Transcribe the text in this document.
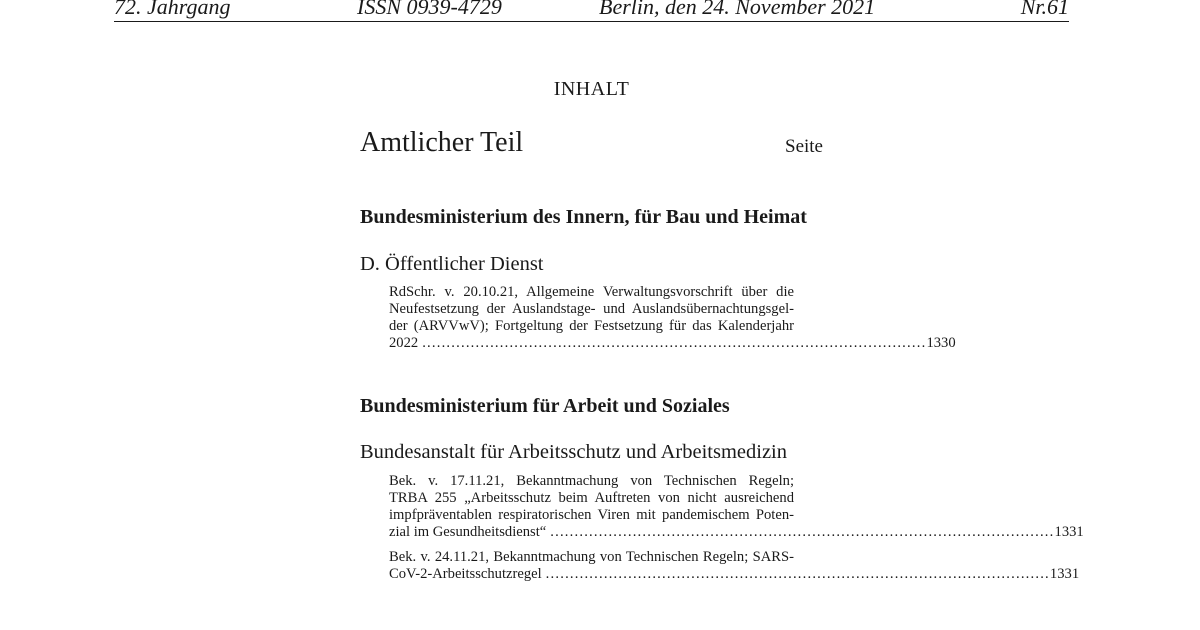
72. Jahrgang	ISSN 0939-4729	Berlin, den 24. November 2021	Nr.61
INHALT
Amtlicher Teil	Seite
Bundesministerium des Innern, für Bau und Heimat
D. Öffentlicher Dienst
RdSchr. v. 20.10.21, Allgemeine Verwaltungsvorschrift über die
Neufestsetzung der Auslandstage- und Auslandsübernachtungsgel-
der (ARVVwV); Fortgeltung der Festsetzung für das Kalenderjahr
2022 ........................................................................................................ 1330
Bundesministerium für Arbeit und Soziales
Bundesanstalt für Arbeitsschutz und Arbeitsmedizin
Bek. v. 17.11.21, Bekanntmachung von Technischen Regeln;
TRBA 255 „Arbeitsschutz beim Auftreten von nicht ausreichend
impfpräventablen respiratorischen Viren mit pandemischem Poten-
zial im Gesundheitsdienst“ ........................................................................................................ 1331
Bek. v. 24.11.21, Bekanntmachung von Technischen Regeln; SARS-
CoV-2-Arbeitsschutzregel ........................................................................................................ 1331
